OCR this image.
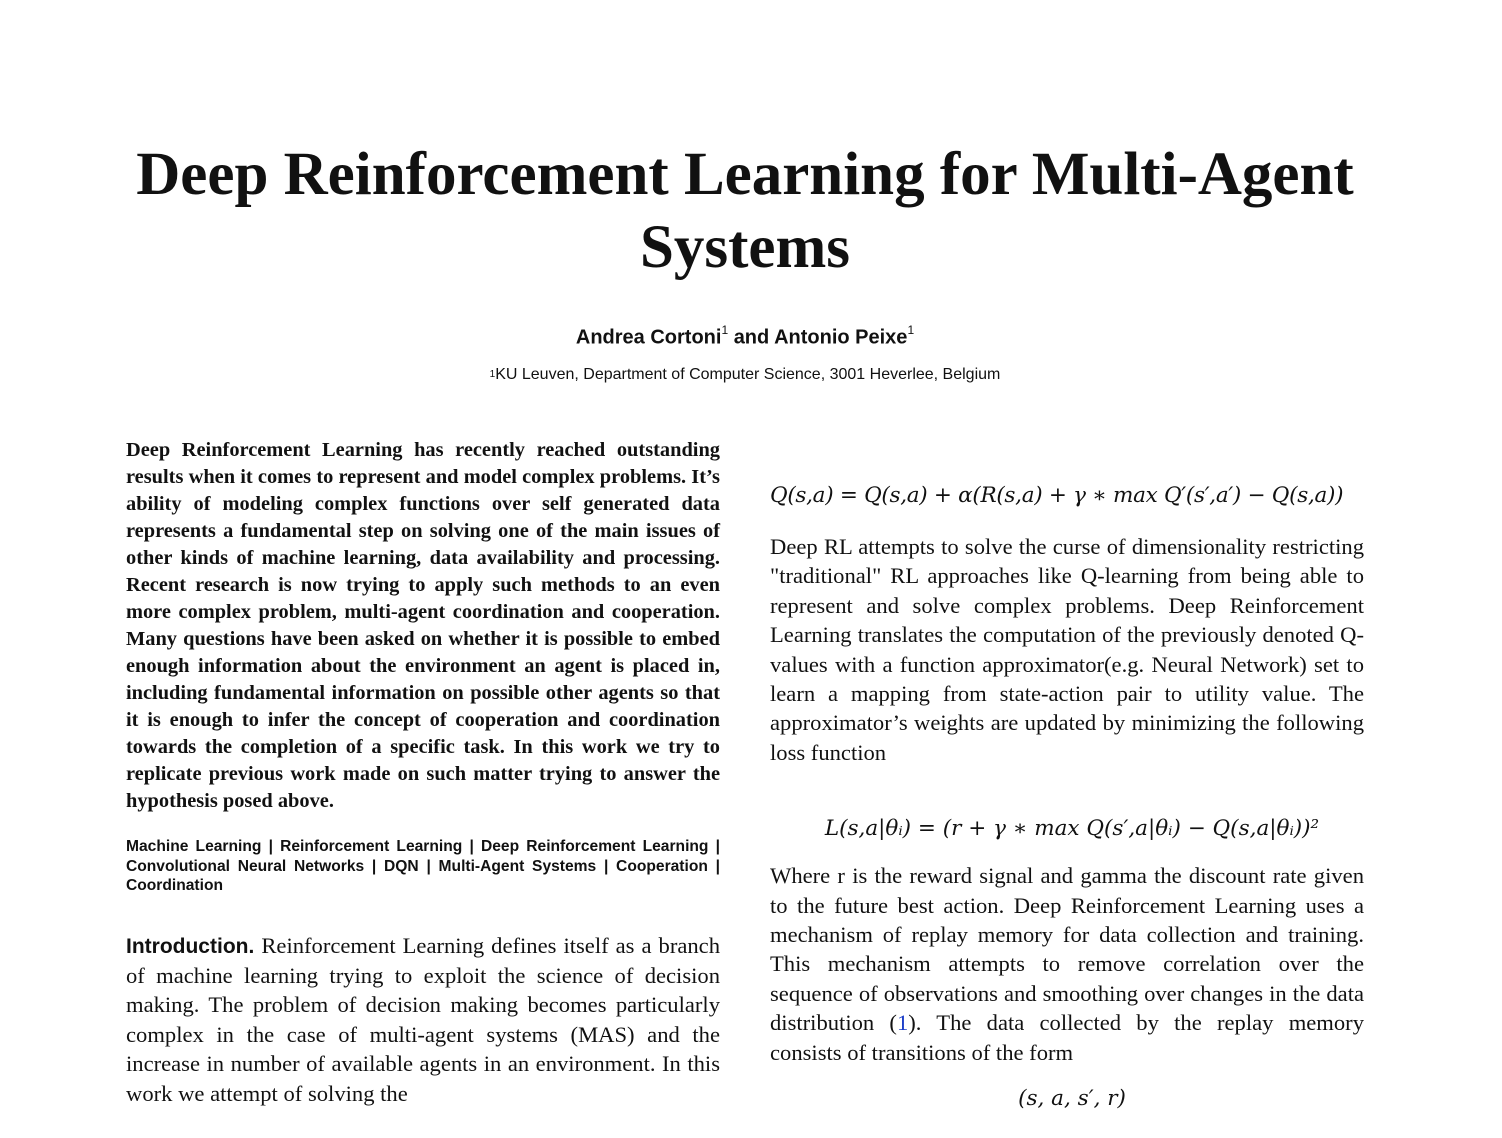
Deep Reinforcement Learning for Multi-Agent Systems
Andrea Cortoni$^1$ and Antonio Peixe$^1$
$^1$KU Leuven, Department of Computer Science, 3001 Heverlee, Belgium

Deep Reinforcement Learning has recently reached outstanding results when it comes to represent and model complex problems. It’s ability of modeling complex functions over self generated data represents a fundamental step on solving one of the main issues of other kinds of machine learning, data availability and processing. Recent research is now trying to apply such methods to an even more complex problem, multi-agent coordination and cooperation. Many questions have been asked on whether it is possible to embed enough information about the environment an agent is placed in, including fundamental information on possible other agents so that it is enough to infer the concept of cooperation and coordination towards the completion of a specific task. In this work we try to replicate previous work made on such matter trying to answer the hypothesis posed above.

Machine Learning | Reinforcement Learning | Deep Reinforcement Learning | Convolutional Neural Networks | DQN | Multi-Agent Systems | Cooperation | Coordination

Introduction. Reinforcement Learning defines itself as a branch of machine learning trying to exploit the science of decision making. The problem of decision making becomes particularly complex in the case of multi-agent systems (MAS) and the increase in number of available agents in an environment. In this work we attempt of solving the

Q(s,a) = Q(s,a) + α(R(s,a) + γ ∗ max Q′(s′,a′) − Q(s,a))

Deep RL attempts to solve the curse of dimensionality restricting "traditional" RL approaches like Q-learning from being able to represent and solve complex problems. Deep Reinforcement Learning translates the computation of the previously denoted Q-values with a function approximator(e.g. Neural Network) set to learn a mapping from state-action pair to utility value. The approximator’s weights are updated by minimizing the following loss function

L(s,a|θᵢ) = (r + γ ∗ max Q(s′,a|θᵢ) − Q(s,a|θᵢ))²

Where r is the reward signal and gamma the discount rate given to the future best action. Deep Reinforcement Learning uses a mechanism of replay memory for data collection and training. This mechanism attempts to remove correlation over the sequence of observations and smoothing over changes in the data distribution (1). The data collected by the replay memory consists of transitions of the form

(s, a, s′, r)
